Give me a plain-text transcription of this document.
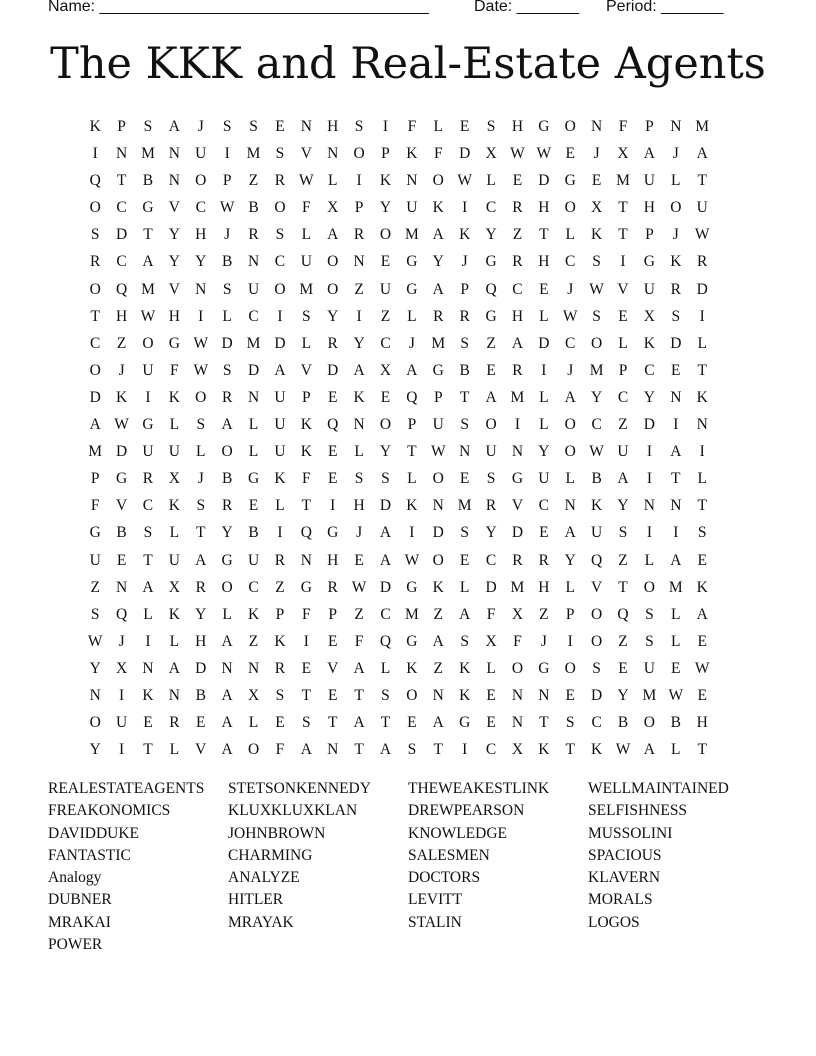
Name: _____________________________________	Date: _______ Period: _______
The KKK and Real-Estate Agents
K P S A J S S E N H S I F L E S H G O N F P N M
I N M N U I M S V N O P K F D X W W E J X A J A
Q T B N O P Z R W L I K N O W L E D G E M U L T
O C G V C W B O F X P Y U K I C R H O X T H O U
S D T Y H J R S L A R O M A K Y Z T L K T P J W
R C A Y Y B N C U O N E G Y J G R H C S I G K R
O Q M V N S U O M O Z U G A P Q C E J W V U R D
T H W H I L C I S Y I Z L R R G H L W S E X S I
C Z O G W D M D L R Y C J M S Z A D C O L K D L
O J U F W S D A V D A X A G B E R I J M P C E T
D K I K O R N U P E K E Q P T A M L A Y C Y N K
A W G L S A L U K Q N O P U S O I L O C Z D I N
M D U U L O L U K E L Y T W N U N Y O W U I A I
P G R X J B G K F E S S L O E S G U L B A I T L
F V C K S R E L T I H D K N M R V C N K Y N N T
G B S L T Y B I Q G J A I D S Y D E A U S I I S
U E T U A G U R N H E A W O E C R R Y Q Z L A E
Z N A X R O C Z G R W D G K L D M H L V T O M K
S Q L K Y L K P F P Z C M Z A F X Z P O Q S L A
W J I L H A Z K I E F Q G A S X F J I O Z S L E
Y X N A D N N R E V A L K Z K L O G O S E U E W
N I K N B A X S T E T S O N K E N N E D Y M W E
O U E R E A L E S T A T E A G E N T S C B O B H
Y I T L V A O F A N T A S T I C X K T K W A L T
REALESTATEAGENTS STETSONKENNEDY THEWEAKESTLINK	WELLMAINTAINED
FREAKONOMICS	KLUXKLUXKLAN	DREWPEARSON	SELFISHNESS
DAVIDDUKE	JOHNBROWN	KNOWLEDGE	MUSSOLINI
FANTASTIC	CHARMING	SALESMEN	SPACIOUS
Analogy	ANALYZE	DOCTORS	KLAVERN
DUBNER	HITLER	LEVITT	MORALS
MRAKAI	MRAYAK	STALIN	LOGOS
POWER
